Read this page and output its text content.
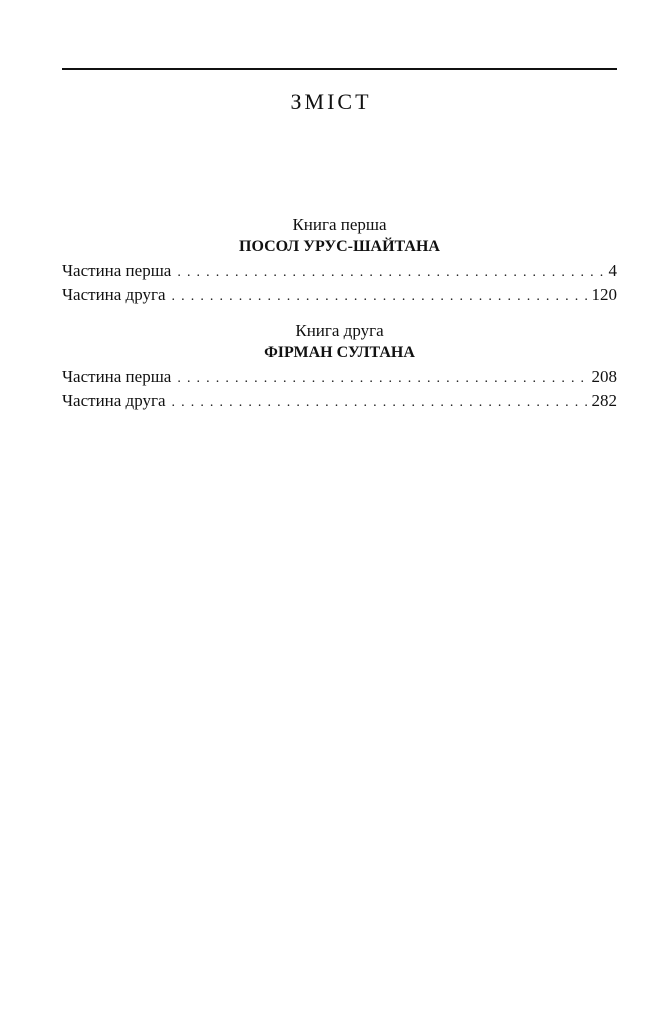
ЗМІСТ
Книга перша
ПОСОЛ УРУС-ШАЙТАНА
Частина перша . . .	4
Частина друга . . .	120
Книга друга
ФІРМАН СУЛТАНА
Частина перша . . .	208
Частина друга . . .	282
